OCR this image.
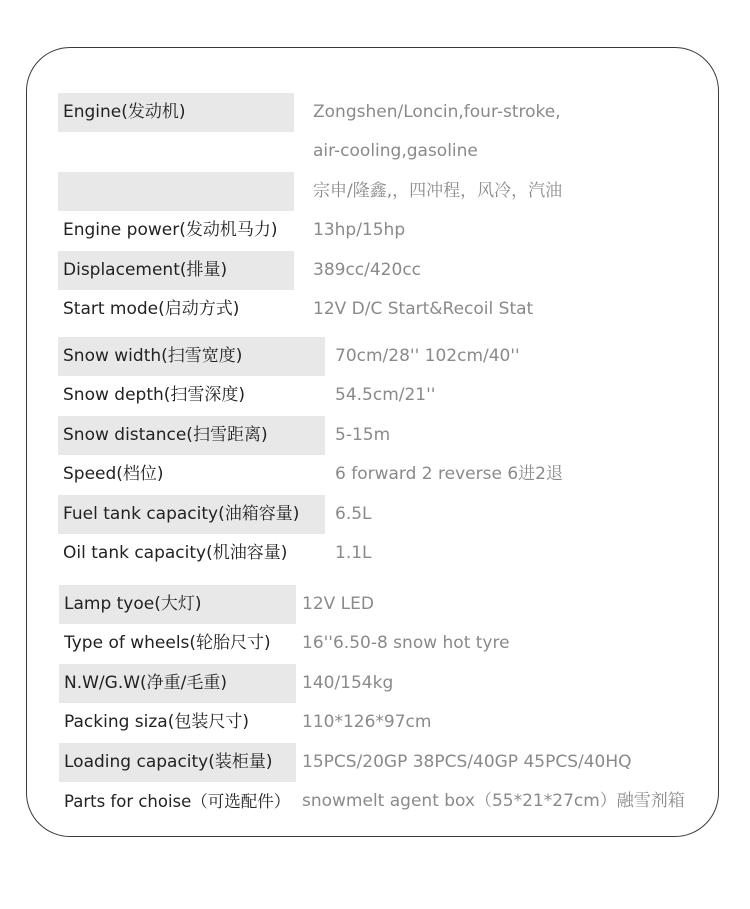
Engine(发动机)	Zongshen/Loncin,four-stroke,
air-cooling,gasoline
宗申/隆鑫,，四冲程，风冷，汽油
Engine power(发动机马力)	13hp/15hp
Displacement(排量)	389cc/420cc
Start mode(启动方式)	12V D/C Start&Recoil Stat
Snow width(扫雪宽度)	70cm/28'' 102cm/40''
Snow depth(扫雪深度)	54.5cm/21''
Snow distance(扫雪距离)	5-15m
Speed(档位)	6 forward 2 reverse 6进2退
Fuel tank capacity(油箱容量)	6.5L
Oil tank capacity(机油容量)	1.1L
Lamp tyoe(大灯)	12V LED
Type of wheels(轮胎尺寸)	16''6.50-8 snow hot tyre
N.W/G.W(净重/毛重)	140/154kg
Packing siza(包装尺寸)	110*126*97cm
Loading capacity(装柜量)	15PCS/20GP 38PCS/40GP 45PCS/40HQ
Parts for choise（可选配件） snowmelt agent box（55*21*27cm）融雪剂箱
